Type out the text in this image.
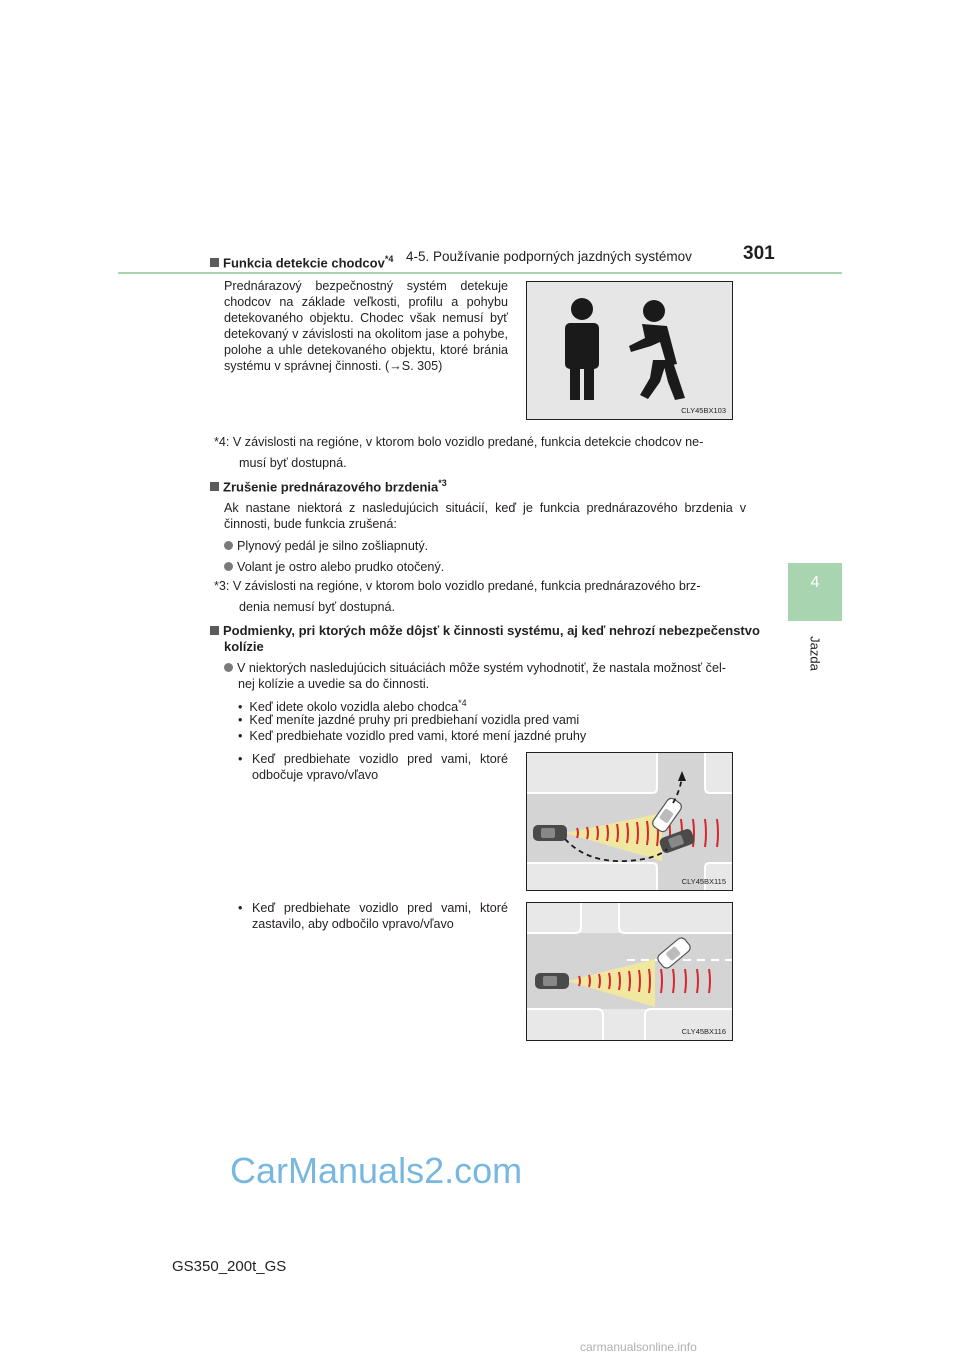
4-5. Používanie podporných jazdných systémov	301
4
Jazda
Funkcia detekcie chodcov$^{*4}$
Prednárazový bezpečnostný systém detekuje chodcov na základe veľkosti, profilu a pohybu detekovaného objektu. Chodec však nemusí byť detekovaný v závislosti na okolitom jase a pohybe, polohe a uhle detekovaného objektu, ktoré bránia systému v správnej činnosti. (→S. 305)
CLY45BX103
*4: V závislosti na regióne, v ktorom bolo vozidlo predané, funkcia detekcie chodcov ne-
musí byť dostupná.
Zrušenie prednárazového brzdenia$^{*3}$
Ak nastane niektorá z nasledujúcich situácií, keď je funkcia prednárazového brzdenia v činnosti, bude funkcia zrušená:
Plynový pedál je silno zošliapnutý.
Volant je ostro alebo prudko otočený.
*3: V závislosti na regióne, v ktorom bolo vozidlo predané, funkcia prednárazového brz-
denia nemusí byť dostupná.
Podmienky, pri ktorých môže dôjsť k činnosti systému, aj keď nehrozí nebezpečenstvo
kolízie
V niektorých nasledujúcich situáciách môže systém vyhodnotiť, že nastala možnosť čel-
nej kolízie a uvedie sa do činnosti.
•  Keď idete okolo vozidla alebo chodca$^{*4}$
•  Keď meníte jazdné pruhy pri predbiehaní vozidla pred vami
•  Keď predbiehate vozidlo pred vami, ktoré mení jazdné pruhy
• Keď predbiehate vozidlo pred vami, ktoré odbočuje vpravo/vľavo
CLY45BX115
• Keď predbiehate vozidlo pred vami, ktoré zastavilo, aby odbočilo vpravo/vľavo
CLY45BX116
CarManuals2.com
GS350_200t_GS
carmanualsonline.info
